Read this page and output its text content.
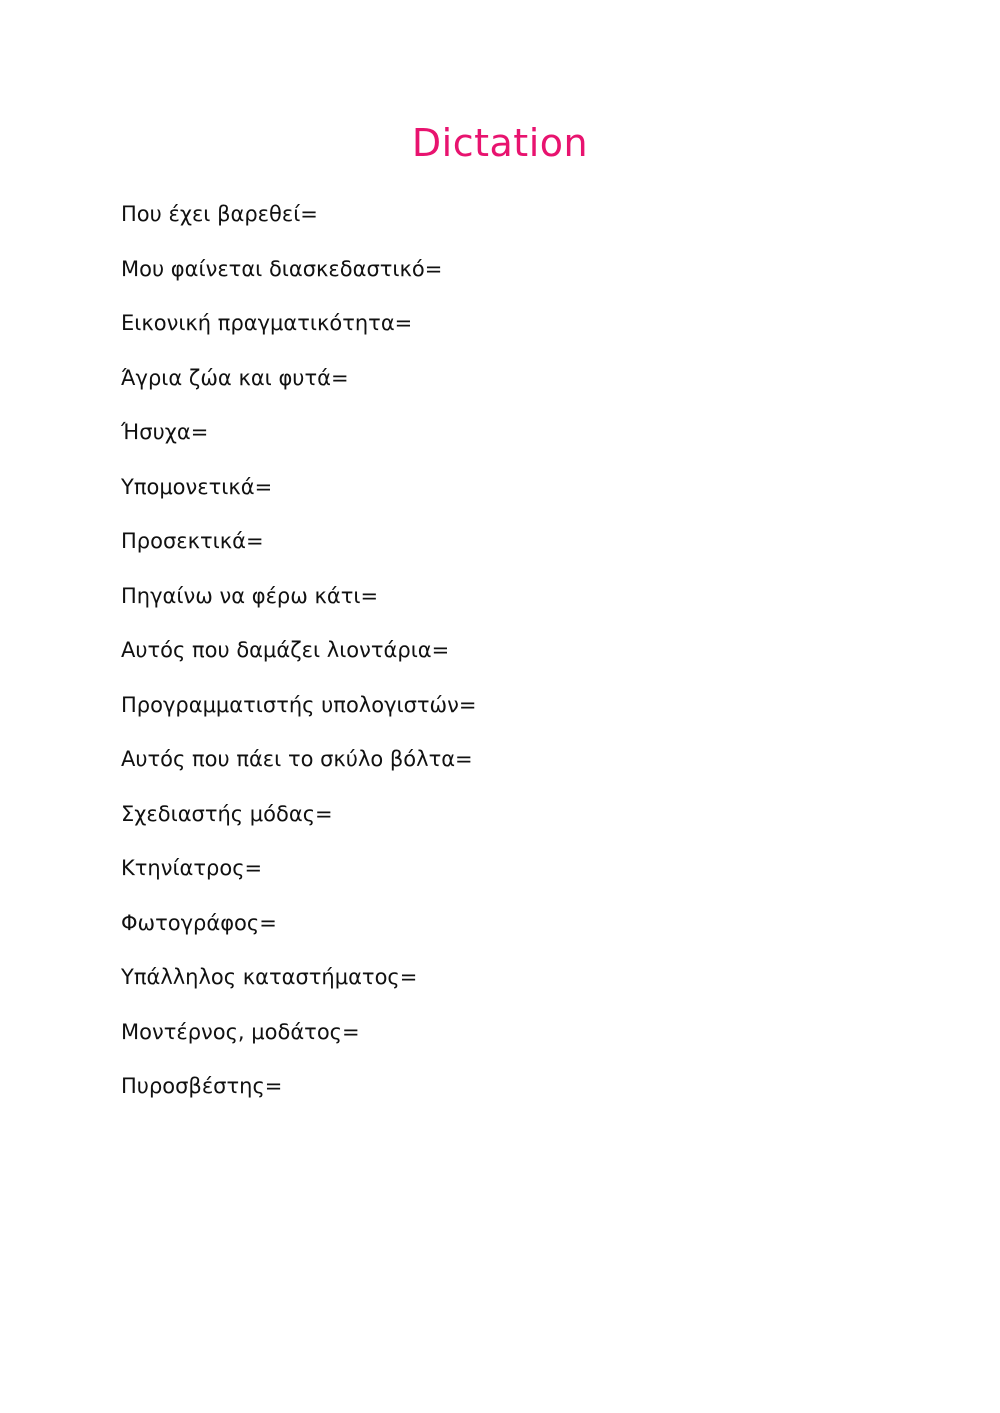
Dictation
Που έχει βαρεθεί=
Μου φαίνεται διασκεδαστικό=
Εικονική πραγματικότητα=
Άγρια ζώα και φυτά=
Ήσυχα=
Υπομονετικά=
Προσεκτικά=
Πηγαίνω να φέρω κάτι=
Αυτός που δαμάζει λιοντάρια=
Προγραμματιστής υπολογιστών=
Αυτός που πάει το σκύλο βόλτα=
Σχεδιαστής μόδας=
Κτηνίατρος=
Φωτογράφος=
Υπάλληλος καταστήματος=
Μοντέρνος, μοδάτος=
Πυροσβέστης=
